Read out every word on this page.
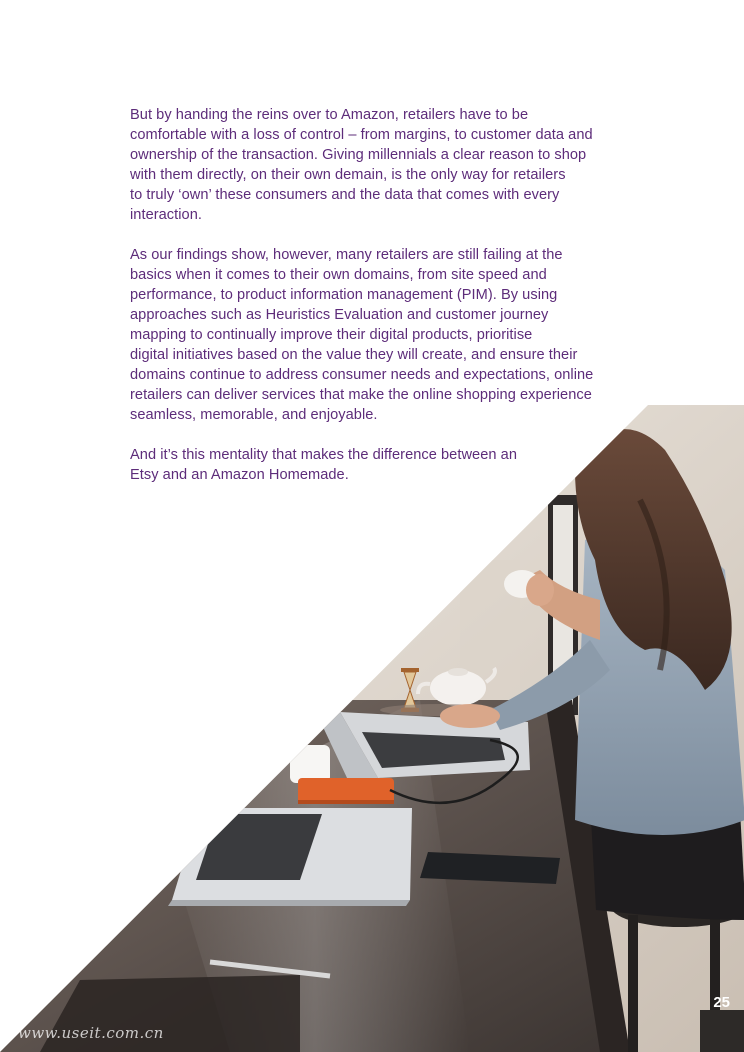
But by handing the reins over to Amazon, retailers have to be
comfortable with a loss of control – from margins, to customer data and
ownership of the transaction. Giving millennials a clear reason to shop
with them directly, on their own demain, is the only way for retailers
to truly ‘own’ these consumers and the data that comes with every
interaction.

As our findings show, however, many retailers are still failing at the
basics when it comes to their own domains, from site speed and
performance, to product information management (PIM). By using
approaches such as Heuristics Evaluation and customer journey
mapping to continually improve their digital products, prioritise
digital initiatives based on the value they will create, and ensure their
domains continue to address consumer needs and expectations, online
retailers can deliver services that make the online shopping experience
seamless, memorable, and enjoyable.

And it’s this mentality that makes the difference between an
Etsy and an Amazon Homemade.

25
www.useit.com.cn
